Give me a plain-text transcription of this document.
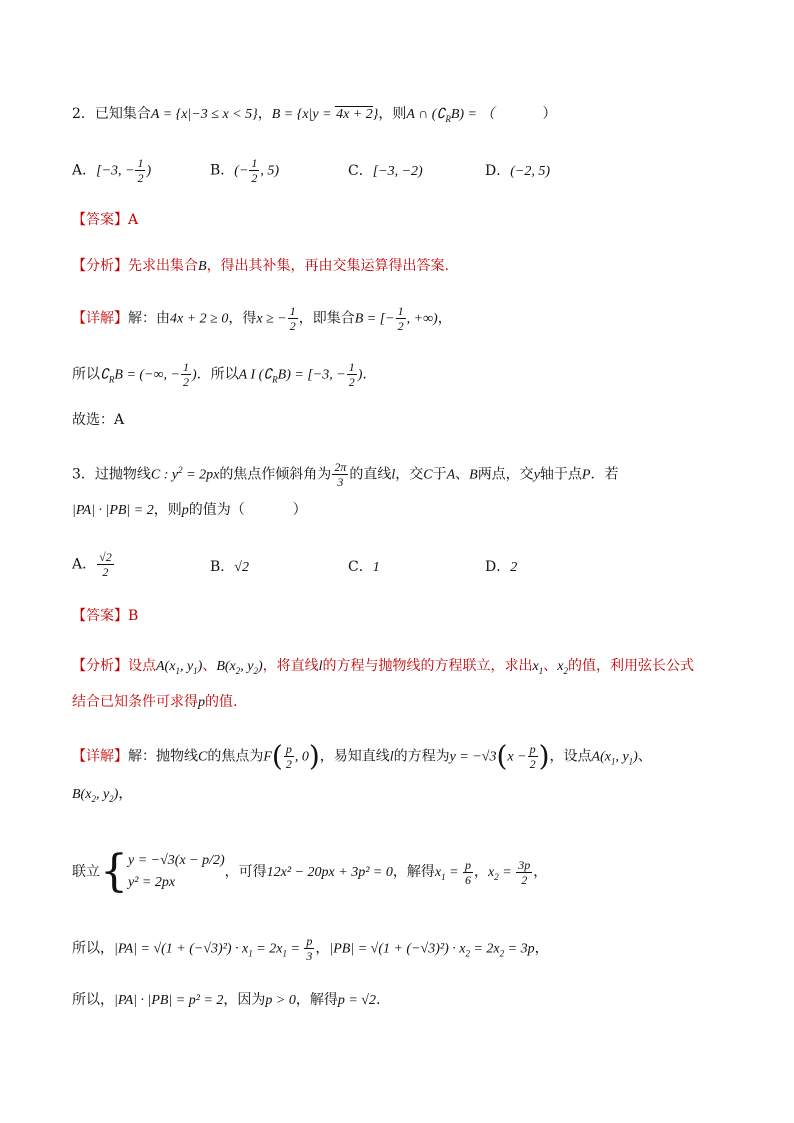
2．已知集合A = {x|−3 ≤ x < 5}，B = {x|y = 4x + 2}，则A ∩ $(∁_RB)$ = （	）
A．[−3, − $\frac{1}{2}$ )	B．(− $\frac{1}{2}$ , 5)	C．[−3, −2)	D．(−2, 5)
【答案】A
【分析】先求出集合B，得出其补集，再由交集运算得出答案.
【详解】解：由4x + 2 ≥ 0，得x ≥ − $\frac{1}{2}$ ，即集合B = [− $\frac{1}{2}$ , +∞)，
所以$∁_RB$ = (−∞, − $\frac{1}{2}$ )．所以A I $(∁_RB) = [-3$, − $\frac{1}{2}$ )．
故选：A
3．过抛物线C : $y^2 = 2px$的焦点作倾斜角为 $\frac{2\pi}{3}$ 的直线l，交C于A、B两点，交y轴于点P．若
|PA| · |PB| = 2，则p的值为（	）
A． $\frac{√2}{2}$	B．√2	C．1	D．2
【答案】B
【分析】设点$A(x_1$, $y_1$)、$B(x_2$, $y_2$)，将直线l的方程与抛物线的方程联立，求出$x_1$、$x_2$的值，利用弦长公式
结合已知条件可求得p的值.
【详解】解：抛物线C的焦点为$F( \frac{p}{2}$ , 0)，易知直线l的方程为$y = -√3(x - \frac{p}{2}$ )，设点$A(x_1$, $y_1$)、
$B(x_2$, $y_2$)，
联立{ y = −√3(x − p/2)
y² = 2px
，可得12x² − 20px + 3p² = 0，解得$x_1 = \frac{p}{6}$ ，$x_2 = \frac{3p}{2}$ ，
所以，$|PA| = √(1 + (-√3)^2) \cdot x_1 = 2x_1 = \frac{p}{3}$ ，$|PB| = √(1 + (-√3)^2) \cdot x_2 = 2x_2 = 3p$，
所以，|PA| · |PB| = p² = 2，因为p > 0，解得p = √2.
